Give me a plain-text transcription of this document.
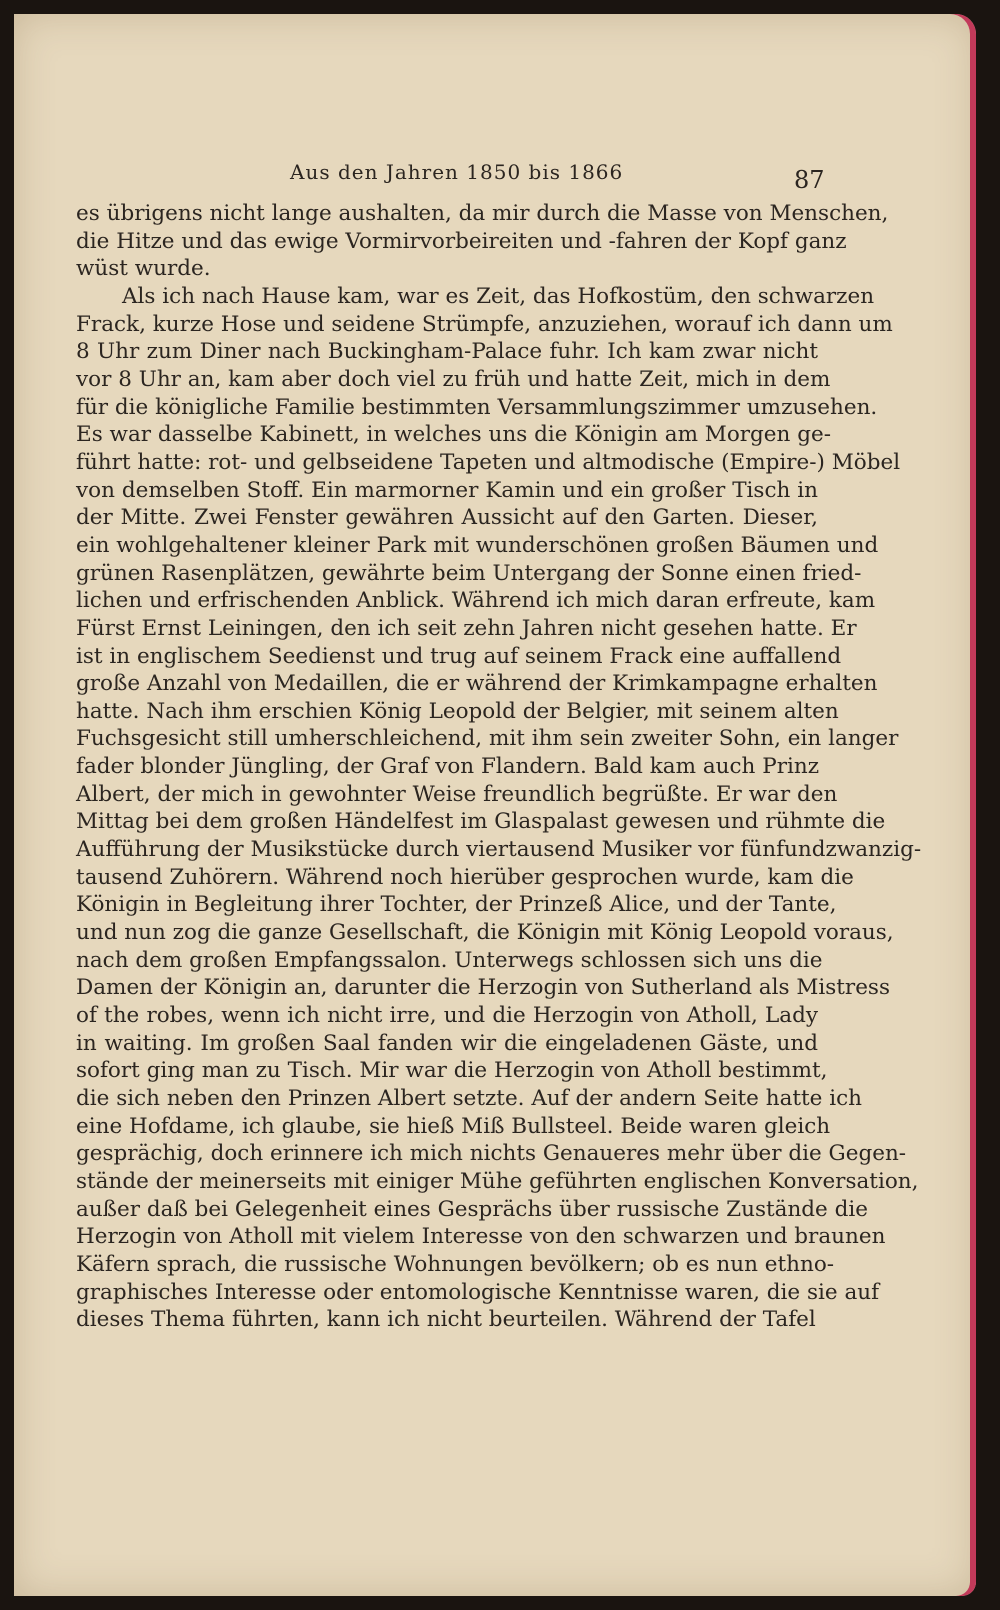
Aus den Jahren 1850 bis 1866	87
es übrigens nicht lange aushalten, da mir durch die Masse von Menschen,
die Hitze und das ewige Vormirvorbeireiten und -fahren der Kopf ganz
wüst wurde.
Als ich nach Hause kam, war es Zeit, das Hofkostüm, den schwarzen
Frack, kurze Hose und seidene Strümpfe, anzuziehen, worauf ich dann um
8 Uhr zum Diner nach Buckingham-Palace fuhr. Ich kam zwar nicht
vor 8 Uhr an, kam aber doch viel zu früh und hatte Zeit, mich in dem
für die königliche Familie bestimmten Versammlungszimmer umzusehen.
Es war dasselbe Kabinett, in welches uns die Königin am Morgen ge-
führt hatte: rot- und gelbseidene Tapeten und altmodische (Empire-) Möbel
von demselben Stoff. Ein marmorner Kamin und ein großer Tisch in
der Mitte. Zwei Fenster gewähren Aussicht auf den Garten. Dieser,
ein wohlgehaltener kleiner Park mit wunderschönen großen Bäumen und
grünen Rasenplätzen, gewährte beim Untergang der Sonne einen fried-
lichen und erfrischenden Anblick. Während ich mich daran erfreute, kam
Fürst Ernst Leiningen, den ich seit zehn Jahren nicht gesehen hatte. Er
ist in englischem Seedienst und trug auf seinem Frack eine auffallend
große Anzahl von Medaillen, die er während der Krimkampagne erhalten
hatte. Nach ihm erschien König Leopold der Belgier, mit seinem alten
Fuchsgesicht still umherschleichend, mit ihm sein zweiter Sohn, ein langer
fader blonder Jüngling, der Graf von Flandern. Bald kam auch Prinz
Albert, der mich in gewohnter Weise freundlich begrüßte. Er war den
Mittag bei dem großen Händelfest im Glaspalast gewesen und rühmte die
Aufführung der Musikstücke durch viertausend Musiker vor fünfundzwanzig-
tausend Zuhörern. Während noch hierüber gesprochen wurde, kam die
Königin in Begleitung ihrer Tochter, der Prinzeß Alice, und der Tante,
und nun zog die ganze Gesellschaft, die Königin mit König Leopold voraus,
nach dem großen Empfangssalon. Unterwegs schlossen sich uns die
Damen der Königin an, darunter die Herzogin von Sutherland als Mistress
of the robes, wenn ich nicht irre, und die Herzogin von Atholl, Lady
in waiting. Im großen Saal fanden wir die eingeladenen Gäste, und
sofort ging man zu Tisch. Mir war die Herzogin von Atholl bestimmt,
die sich neben den Prinzen Albert setzte. Auf der andern Seite hatte ich
eine Hofdame, ich glaube, sie hieß Miß Bullsteel. Beide waren gleich
gesprächig, doch erinnere ich mich nichts Genaueres mehr über die Gegen-
stände der meinerseits mit einiger Mühe geführten englischen Konversation,
außer daß bei Gelegenheit eines Gesprächs über russische Zustände die
Herzogin von Atholl mit vielem Interesse von den schwarzen und braunen
Käfern sprach, die russische Wohnungen bevölkern; ob es nun ethno-
graphisches Interesse oder entomologische Kenntnisse waren, die sie auf
dieses Thema führten, kann ich nicht beurteilen. Während der Tafel
